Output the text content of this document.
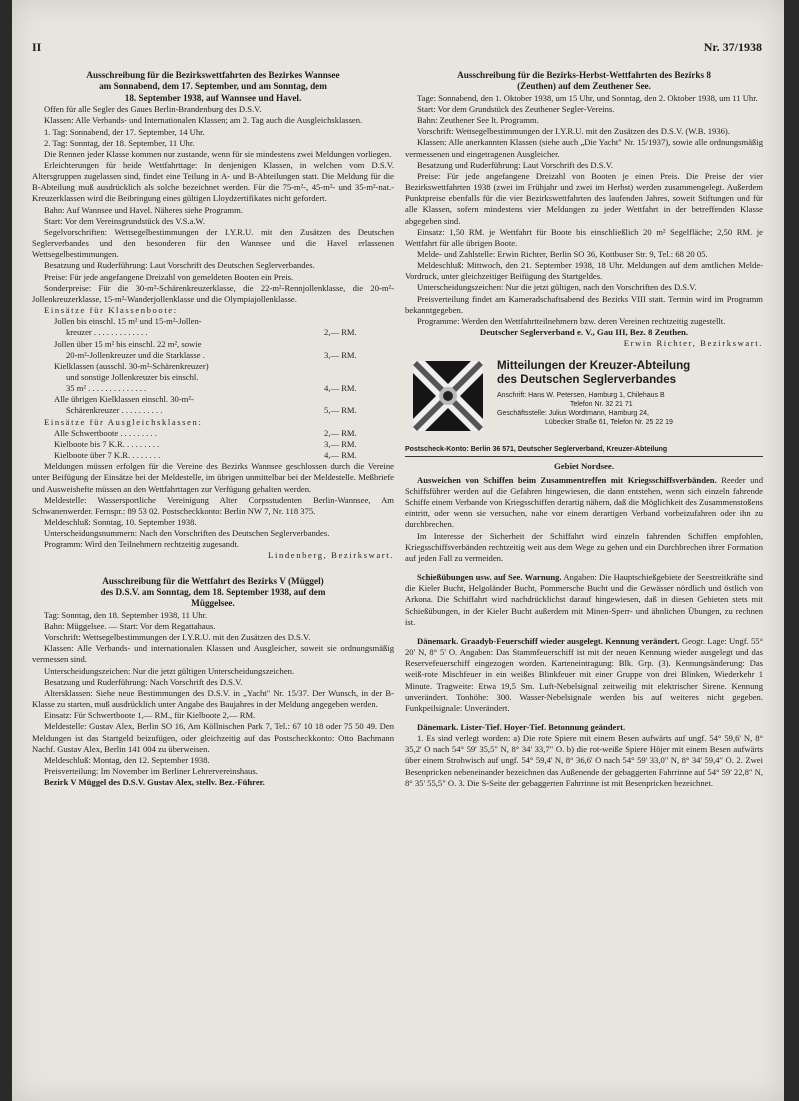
II	Nr. 37/1938
Ausschreibung für die Bezirkswettfahrten des Bezirkes Wannsee
am Sonnabend, dem 17. September, und am Sonntag, dem
18. September 1938, auf Wannsee und Havel.

Offen für alle Segler des Gaues Berlin-Brandenburg des D.S.V.

Klassen: Alle Verbands- und Internationalen Klassen; am 2. Tag auch die Ausgleichsklassen.

1. Tag: Sonnabend, der 17. September, 14 Uhr.

2. Tag: Sonntag, der 18. September, 11 Uhr.

Die Rennen jeder Klasse kommen nur zustande, wenn für sie mindestens zwei Meldungen vorliegen.

Erleichterungen für beide Wettfahrttage: In denjenigen Klassen, in welchen vom D.S.V. Altersgruppen zugelassen sind, findet eine Teilung in A- und B-Abteilungen statt. Die Meldung für die B-Abteilung muß ausdrücklich als solche bezeichnet werden. Für die 75-m²-, 45-m²- und 35-m²-nat.-Kreuzerklassen wird die Beibringung eines gültigen Lloydzertifikates nicht gefordert.

Bahn: Auf Wannsee und Havel. Näheres siehe Programm.

Start: Vor dem Vereinsgrundstück des V.S.a.W.

Segelvorschriften: Wettsegelbestimmungen der I.Y.R.U. mit den Zusätzen des Deutschen Seglerverbandes und den besonderen für den Wannsee und die Havel erlassenen Wettsegelbestimmungen.

Besatzung und Ruderführung: Laut Vorschrift des Deutschen Seglerverbandes.

Preise: Für jede angefangene Dreizahl von gemeldeten Booten ein Preis.

Sonderpreise: Für die 30-m²-Schärenkreuzerklasse, die 22-m²-Rennjollenklasse, die 20-m²-Jollenkreuzerklasse, 15-m²-Wanderjollenklasse und die Olympiajollenklasse.

Einsätze für Klassenboote:

Jollen bis einschl. 15 m² und 15-m²-Jollen-
kreuzer . . . . . . . . . . . . .	2,— RM.
Jollen über 15 m² bis einschl. 22 m², sowie
20-m²-Jollenkreuzer und die Starklasse .	3,— RM.
Kielklassen (ausschl. 30-m²-Schärenkreuzer)
und sonstige Jollenkreuzer bis einschl.
35 m² . . . . . . . . . . . . . .	4,— RM.
Alle übrigen Kielklassen einschl. 30-m²-
Schärenkreuzer . . . . . . . . . .	5,— RM.

Einsätze für Ausgleichsklassen:

Alle Schwertboote . . . . . . . . .	2,— RM.
Kielboote bis 7 K.R. . . . . . . . .	3,— RM.
Kielboote über 7 K.R. . . . . . . .	4,— RM.

Meldungen müssen erfolgen für die Vereine des Bezirks Wannsee geschlossen durch die Vereine unter Beifügung der Einsätze bei der Meldestelle, im übrigen unmittelbar bei der Meldestelle. Meßbriefe und Ausweishefte müssen an den Wettfahrttagen zur Verfügung gehalten werden.

Meldestelle: Wassersportliche Vereinigung Alter Corpsstudenten Berlin-Wannsee, Am Schwanenwerder. Fernspr.: 89 53 02. Postscheckkonto: Berlin NW 7, Nr. 118 375.

Meldeschluß: Sonntag, 10. September 1938.

Unterscheidungsnummern: Nach den Vorschriften des Deutschen Seglerverbandes.

Programm: Wird den Teilnehmern rechtzeitig zugesandt.

Lindenberg, Bezirkswart.
Ausschreibung für die Wettfahrt des Bezirks V (Müggel)
des D.S.V. am Sonntag, dem 18. September 1938, auf dem
Müggelsee.

Tag: Sonntag, den 18. September 1938, 11 Uhr.

Bahn: Müggelsee. — Start: Vor dem Regattahaus.

Vorschrift: Wettsegelbestimmungen der I.Y.R.U. mit den Zusätzen des D.S.V.

Klassen: Alle Verbands- und internationalen Klassen und Ausgleicher, soweit sie ordnungsmäßig vermessen sind.

Unterscheidungszeichen: Nur die jetzt gültigen Unterscheidungszeichen.

Besatzung und Ruderführung: Nach Vorschrift des D.S.V.

Altersklassen: Siehe neue Bestimmungen des D.S.V. in „Yacht" Nr. 15/37. Der Wunsch, in der B-Klasse zu starten, muß ausdrücklich unter Angabe des Baujahres in der Meldung angegeben werden.

Einsatz: Für Schwertboote 1,— RM., für Kielboote 2,— RM.

Meldestelle: Gustav Alex, Berlin SO 16, Am Köllnischen Park 7, Tel.: 67 10 18 oder 75 50 49. Den Meldungen ist das Startgeld beizufügen, oder gleichzeitig auf das Postscheckkonto: Otto Bachmann Nachf. Gustav Alex, Berlin 141 004 zu überweisen.

Meldeschluß: Montag, den 12. September 1938.

Preisverteilung: Im November im Berliner Lehrervereinshaus.

Bezirk V Müggel des D.S.V. Gustav Alex, stellv. Bez.-Führer.

Ausschreibung für die Bezirks-Herbst-Wettfahrten des Bezirks 8
(Zeuthen) auf dem Zeuthener See.

Tage: Sonnabend, den 1. Oktober 1938, um 15 Uhr, und Sonntag, den 2. Oktober 1938, um 11 Uhr.

Start: Vor dem Grundstück des Zeuthener Segler-Vereins.

Bahn: Zeuthener See lt. Programm.

Vorschrift: Wettsegelbestimmungen der I.Y.R.U. mit den Zusätzen des D.S.V. (W.B. 1936).

Klassen: Alle anerkannten Klassen (siehe auch „Die Yacht" Nr. 15/1937), sowie alle ordnungsmäßig vermessenen und eingetragenen Ausgleicher.

Besatzung und Ruderführung: Laut Vorschrift des D.S.V.

Preise: Für jede angefangene Dreizahl von Booten je einen Preis. Die Preise der vier Bezirkswettfahrten 1938 (zwei im Frühjahr und zwei im Herbst) werden zusammengelegt. Außerdem Punktpreise ebenfalls für die vier Bezirkswettfahrten des laufenden Jahres, soweit Stiftungen und für alle Klassen, sofern mindestens vier Meldungen zu jeder Wettfahrt in der betreffenden Klasse abgegeben sind.

Einsatz: 1,50 RM. je Wettfahrt für Boote bis einschließlich 20 m² Segelfläche; 2,50 RM. je Wettfahrt für alle übrigen Boote.

Melde- und Zahlstelle: Erwin Richter, Berlin SO 36, Kottbuser Str. 9, Tel.: 68 20 05.

Meldeschluß: Mittwoch, den 21. September 1938, 18 Uhr. Meldungen auf dem amtlichen Melde-Vordruck, unter gleichzeitiger Beifügung des Startgeldes.

Unterscheidungszeichen: Nur die jetzt gültigen, nach den Vorschriften des D.S.V.

Preisverteilung findet am Kameradschaftsabend des Bezirks VIII statt. Termin wird im Programm bekanntgegeben.

Programme: Werden den Wettfahrtteilnehmern bzw. deren Vereinen rechtzeitig zugestellt.

Deutscher Seglerverband e. V., Gau III, Bez. 8 Zeuthen.
Erwin Richter, Bezirkswart.
Mitteilungen der Kreuzer-Abteilung
des Deutschen Seglerverbandes
Anschrift: Hans W. Petersen, Hamburg 1, Chilehaus B
Telefon Nr. 32 21 71
Geschäftsstelle: Julius Wordtmann, Hamburg 24,
Lübecker Straße 61, Telefon Nr. 25 22 19
Postscheck-Konto: Berlin 36 571, Deutscher Seglerverband, Kreuzer-Abteilung
Gebiet Nordsee.

Ausweichen von Schiffen beim Zusammentreffen mit Kriegsschiffsverbänden. Reeder und Schiffsführer werden auf die Gefahren hingewiesen, die dann entstehen, wenn sich einzeln fahrende Schiffe einem Verbande von Kriegsschiffen derartig nähern, daß die Möglichkeit des Zusammenstoßens eintritt, oder wenn sie versuchen, nahe vor einem derartigen Verband vorbeizufahren oder ihn zu durchbrechen.

Im Interesse der Sicherheit der Schiffahrt wird einzeln fahrenden Schiffen empfohlen, Kriegsschiffsverbänden rechtzeitig weit aus dem Wege zu gehen und ein Durchbrechen ihrer Formation auf jeden Fall zu vermeiden.

Schießübungen usw. auf See. Warnung. Angaben: Die Hauptschießgebiete der Seestreitkräfte sind die Kieler Bucht, Helgoländer Bucht, Pommersche Bucht und die Gewässer nördlich und östlich von Arkona. Die Schiffahrt wird nachdrücklichst darauf hingewiesen, daß in diesen Gebieten stets mit Schießübungen, in der Kieler Bucht außerdem mit Minen-Sperr- und ähnlichen Übungen, zu rechnen ist.

Dänemark. Graadyb-Feuerschiff wieder ausgelegt. Kennung verändert. Geogr. Lage: Ungf. 55° 20' N, 8° 5' O. Angaben: Das Stammfeuerschiff ist mit der neuen Kennung wieder ausgelegt und das Reservefeuerschiff eingezogen worden. Karteneintragung: Blk. Grp. (3). Kennungsänderung: Das weiß-rote Mischfeuer in ein weißes Blinkfeuer mit einer Gruppe von drei Blinken, Wiederkehr 1 Minute. Tragweite: Etwa 19,5 Sm. Luft-Nebelsignal zeitweilig mit elektrischer Sirene. Kennung unverändert. Tonhöhe: 300. Wasser-Nebelsignale werden bis auf weiteres nicht gegeben. Funkpeilsignale: Unverändert.

Dänemark. Lister-Tief. Hoyer-Tief. Betonnung geändert.

1. Es sind verlegt worden: a) Die rote Spiere mit einem Besen aufwärts auf ungf. 54° 59,6' N, 8° 35,2' O nach 54° 59' 35,5" N, 8° 34' 33,7" O. b) die rot-weiße Spiere Höjer mit einem Besen aufwärts über einem Strohwisch auf ungf. 54° 59,4' N, 8° 36,6' O nach 54° 59' 33,0" N, 8° 34' 59,4" O. 2. Zwei Besenpricken nebeneinander bezeichnen das Außenende der gebaggerten Fahrrinne auf 54° 59' 22,8" N, 8° 35' 55,5" O. 3. Die S-Seite der gebaggerten Fahrrinne ist mit Besenpricken bezeichnet.
